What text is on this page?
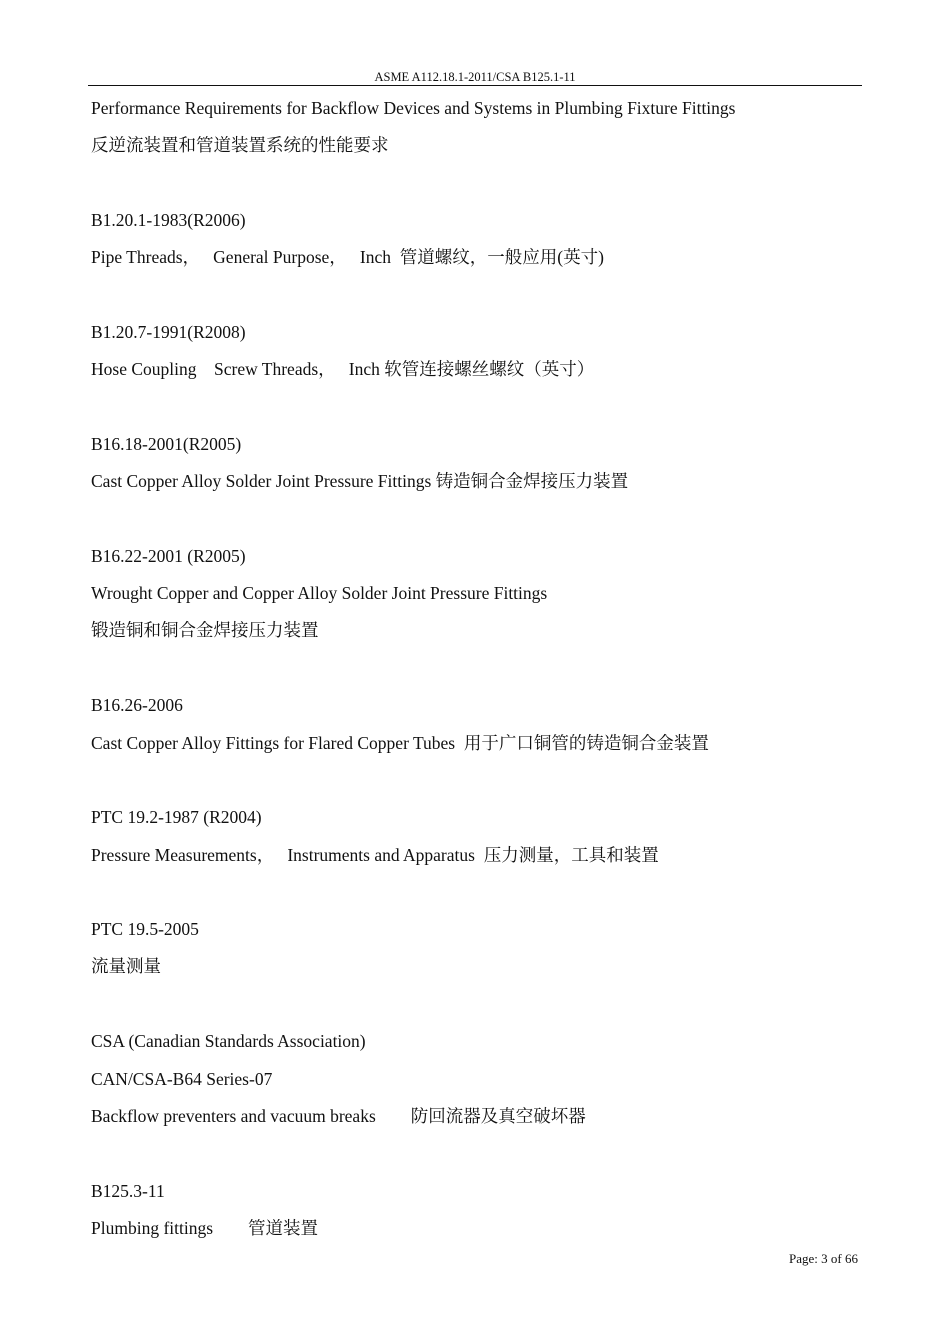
ASME A112.18.1-2011/CSA B125.1-11
Performance Requirements for Backflow Devices and Systems in Plumbing Fixture Fittings
反逆流装置和管道装置系统的性能要求
B1.20.1-1983(R2006)
Pipe Threads，   General Purpose，   Inch  管道螺纹，一般应用(英寸)
B1.20.7-1991(R2008)
Hose Coupling    Screw Threads，   Inch 软管连接螺丝螺纹（英寸）
B16.18-2001(R2005)
Cast Copper Alloy Solder Joint Pressure Fittings 铸造铜合金焊接压力装置
B16.22-2001 (R2005)
Wrought Copper and Copper Alloy Solder Joint Pressure Fittings
锻造铜和铜合金焊接压力装置
B16.26-2006
Cast Copper Alloy Fittings for Flared Copper Tubes  用于广口铜管的铸造铜合金装置
PTC 19.2-1987 (R2004)
Pressure Measurements，   Instruments and Apparatus  压力测量，工具和装置
PTC 19.5-2005
流量测量
CSA (Canadian Standards Association)
CAN/CSA-B64 Series-07
Backflow preventers and vacuum breaks        防回流器及真空破坏器
B125.3-11
Plumbing fittings        管道装置
Page: 3 of 66
